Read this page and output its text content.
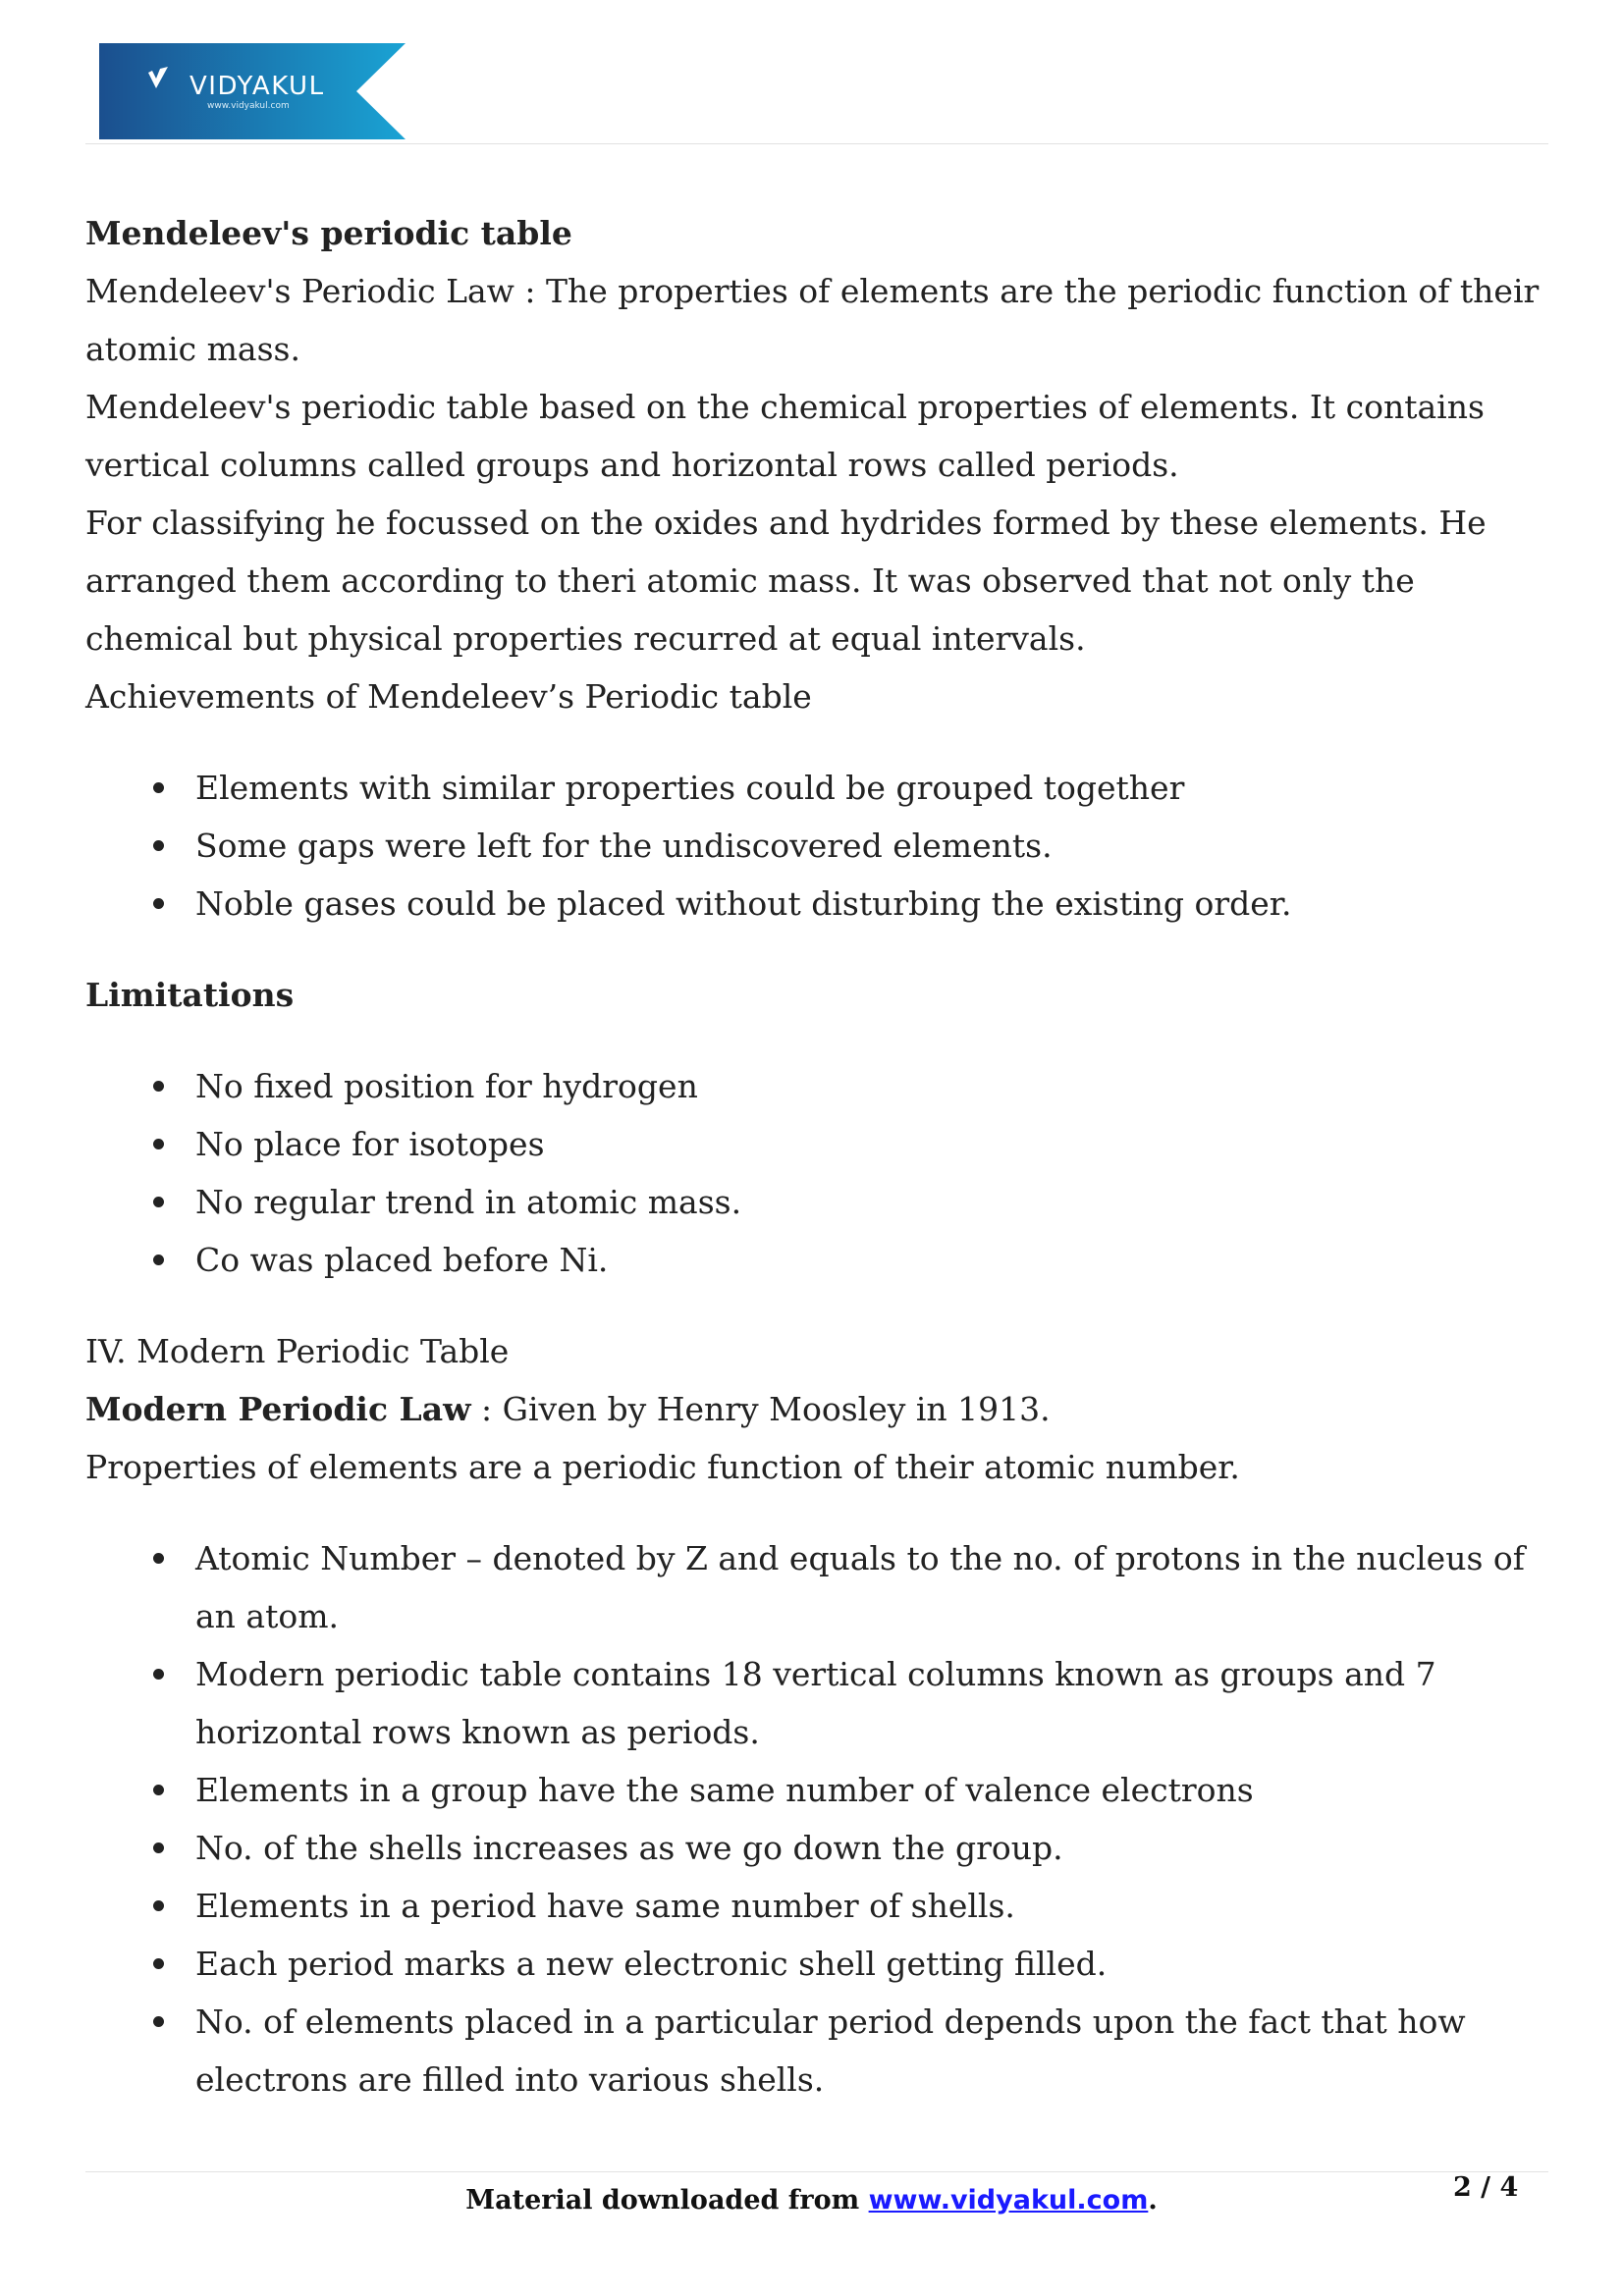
VIDYAKUL
www.vidyakul.com

Mendeleev's periodic table

Mendeleev's Periodic Law : The properties of elements are the periodic function of their atomic mass.

Mendeleev's periodic table based on the chemical properties of elements. It contains vertical columns called groups and horizontal rows called periods.

For classifying he focussed on the oxides and hydrides formed by these elements. He arranged them according to theri atomic mass. It was observed that not only the chemical but physical properties recurred at equal intervals.

Achievements of Mendeleev’s Periodic table

Elements with similar properties could be grouped together
Some gaps were left for the undiscovered elements.
Noble gases could be placed without disturbing the existing order.

Limitations

No fixed position for hydrogen
No place for isotopes
No regular trend in atomic mass.
Co was placed before Ni.

IV. Modern Periodic Table

Modern Periodic Law : Given by Henry Moosley in 1913.

Properties of elements are a periodic function of their atomic number.

Atomic Number – denoted by Z and equals to the no. of protons in the nucleus of an atom.
Modern periodic table contains 18 vertical columns known as groups and 7 horizontal rows known as periods.
Elements in a group have the same number of valence electrons
No. of the shells increases as we go down the group.
Elements in a period have same number of shells.
Each period marks a new electronic shell getting filled.
No. of elements placed in a particular period depends upon the fact that how electrons are filled into various shells.
Material downloaded from www.vidyakul.com.	2 / 4
